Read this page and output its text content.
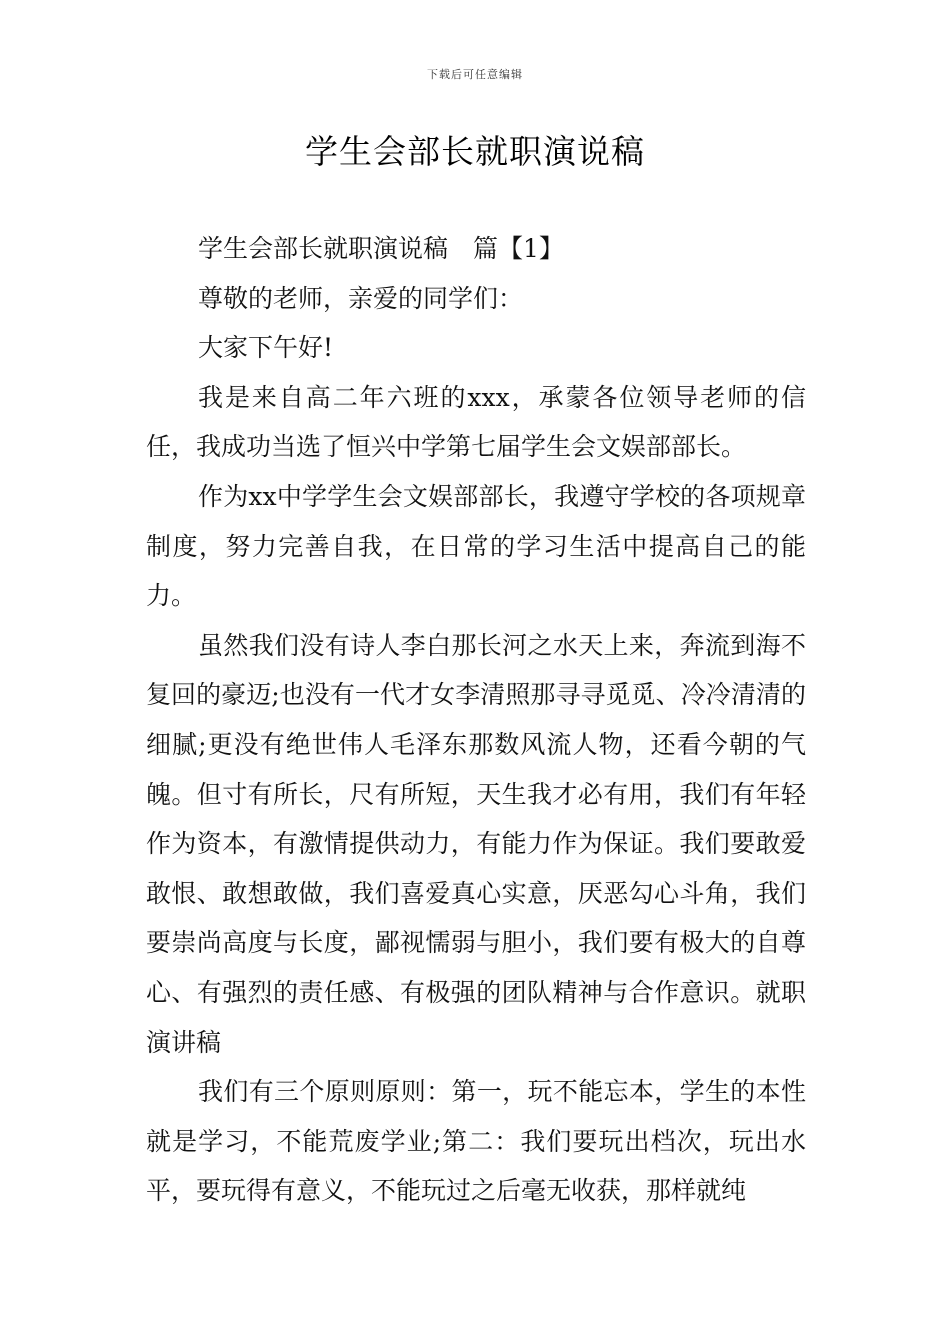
下载后可任意编辑
学生会部长就职演说稿

学生会部长就职演说稿　篇【1】

尊敬的老师，亲爱的同学们：

大家下午好!

我是来自高二年六班的xxx，承蒙各位领导老师的信任，我成功当选了恒兴中学第七届学生会文娱部部长。

作为xx中学学生会文娱部部长，我遵守学校的各项规章制度，努力完善自我，在日常的学习生活中提高自己的能力。

虽然我们没有诗人李白那长河之水天上来，奔流到海不复回的豪迈;也没有一代才女李清照那寻寻觅觅、冷冷清清的细腻;更没有绝世伟人毛泽东那数风流人物，还看今朝的气魄。但寸有所长，尺有所短，天生我才必有用，我们有年轻作为资本，有激情提供动力，有能力作为保证。我们要敢爱敢恨、敢想敢做，我们喜爱真心实意，厌恶勾心斗角，我们要崇尚高度与长度，鄙视懦弱与胆小，我们要有极大的自尊心、有强烈的责任感、有极强的团队精神与合作意识。就职演讲稿

我们有三个原则原则：第一，玩不能忘本，学生的本性就是学习，不能荒废学业;第二：我们要玩出档次，玩出水平，要玩得有意义，不能玩过之后毫无收获，那样就纯
